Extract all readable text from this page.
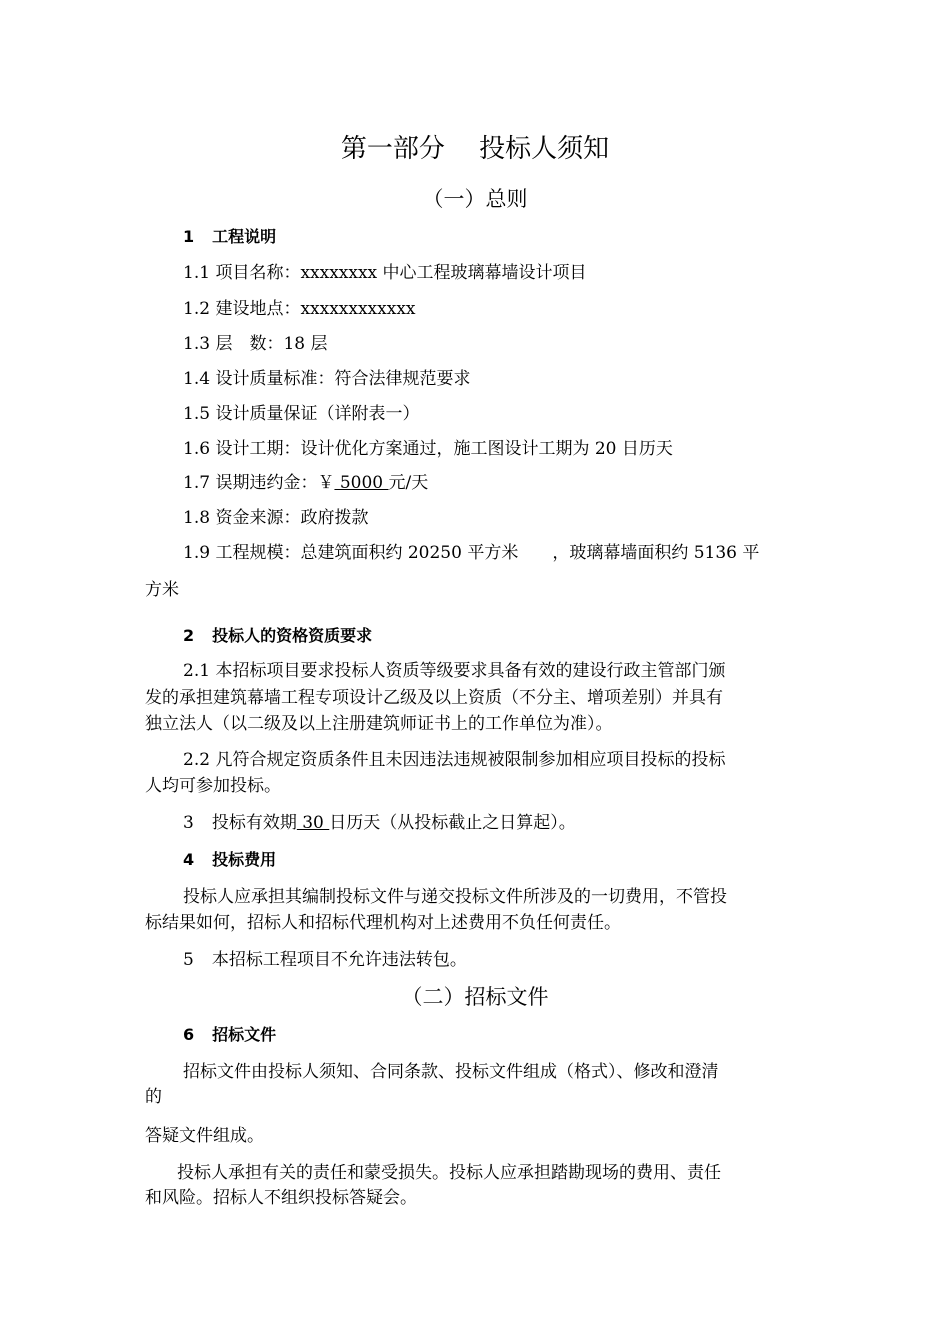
第一部分　 投标人须知
（一）总则
1 工程说明
1.1 项目名称：xxxxxxxx 中心工程玻璃幕墙设计项目
1.2 建设地点：xxxxxxxxxxxx
1.3 层　数：18 层
1.4 设计质量标准：符合法律规范要求
1.5 设计质量保证（详附表一）
1.6 设计工期：设计优化方案通过，施工图设计工期为 20 日历天
1.7 误期违约金：￥ 5000 元/天
1.8 资金来源：政府拨款
1.9 工程规模：总建筑面积约 20250 平方米　　，玻璃幕墙面积约 5136 平
方米
2 投标人的资格资质要求
2.1 本招标项目要求投标人资质等级要求具备有效的建设行政主管部门颁
发的承担建筑幕墙工程专项设计乙级及以上资质（不分主、增项差别）并具有
独立法人（以二级及以上注册建筑师证书上的工作单位为准）。
2.2 凡符合规定资质条件且未因违法违规被限制参加相应项目投标的投标
人均可参加投标。
3 投标有效期 30 日历天（从投标截止之日算起）。
4 投标费用
投标人应承担其编制投标文件与递交投标文件所涉及的一切费用，不管投
标结果如何，招标人和招标代理机构对上述费用不负任何责任。
5 本招标工程项目不允许违法转包。
（二）招标文件
6 招标文件
招标文件由投标人须知、合同条款、投标文件组成（格式）、修改和澄清
的
答疑文件组成。
投标人承担有关的责任和蒙受损失。投标人应承担踏勘现场的费用、责任
和风险。招标人不组织投标答疑会。
